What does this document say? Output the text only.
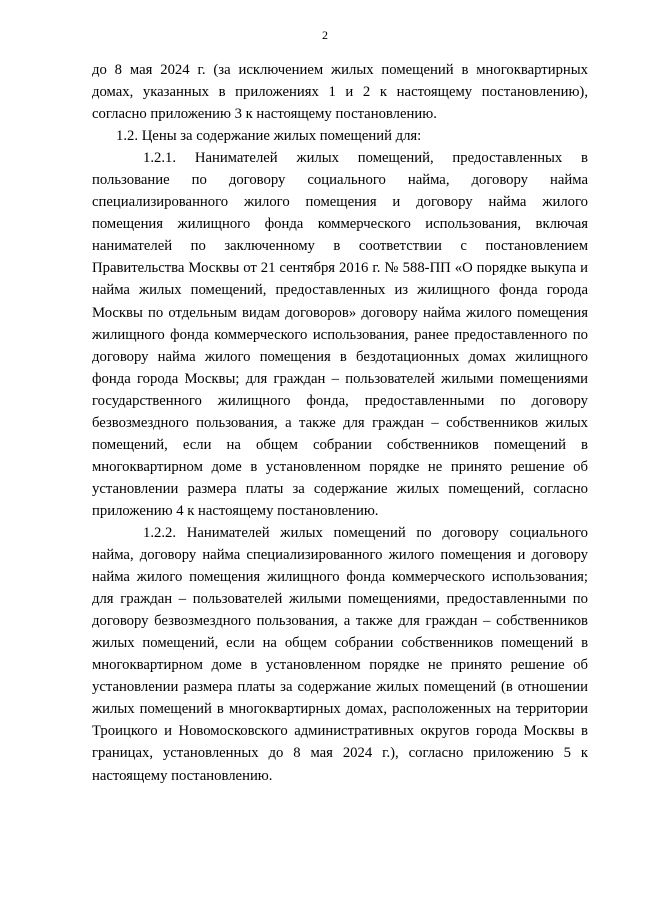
2

до 8 мая 2024 г. (за исключением жилых помещений в многоквартирных домах, указанных в приложениях 1 и 2 к настоящему постановлению), согласно приложению 3 к настоящему постановлению.

1.2. Цены за содержание жилых помещений для:

1.2.1. Нанимателей жилых помещений, предоставленных в пользование по договору социального найма, договору найма специализированного жилого помещения и договору найма жилого помещения жилищного фонда коммерческого использования, включая нанимателей по заключенному в соответствии с постановлением Правительства Москвы от 21 сентября 2016 г. № 588-ПП «О порядке выкупа и найма жилых помещений, предоставленных из жилищного фонда города Москвы по отдельным видам договоров» договору найма жилого помещения жилищного фонда коммерческого использования, ранее предоставленного по договору найма жилого помещения в бездотационных домах жилищного фонда города Москвы; для граждан – пользователей жилыми помещениями государственного жилищного фонда, предоставленными по договору безвозмездного пользования, а также для граждан – собственников жилых помещений, если на общем собрании собственников помещений в многоквартирном доме в установленном порядке не принято решение об установлении размера платы за содержание жилых помещений, согласно приложению 4 к настоящему постановлению.

1.2.2. Нанимателей жилых помещений по договору социального найма, договору найма специализированного жилого помещения и договору найма жилого помещения жилищного фонда коммерческого использования; для граждан – пользователей жилыми помещениями, предоставленными по договору безвозмездного пользования, а также для граждан – собственников жилых помещений, если на общем собрании собственников помещений в многоквартирном доме в установленном порядке не принято решение об установлении размера платы за содержание жилых помещений (в отношении жилых помещений в многоквартирных домах, расположенных на территории Троицкого и Новомосковского административных округов города Москвы в границах, установленных до 8 мая 2024 г.), согласно приложению 5 к настоящему постановлению.
